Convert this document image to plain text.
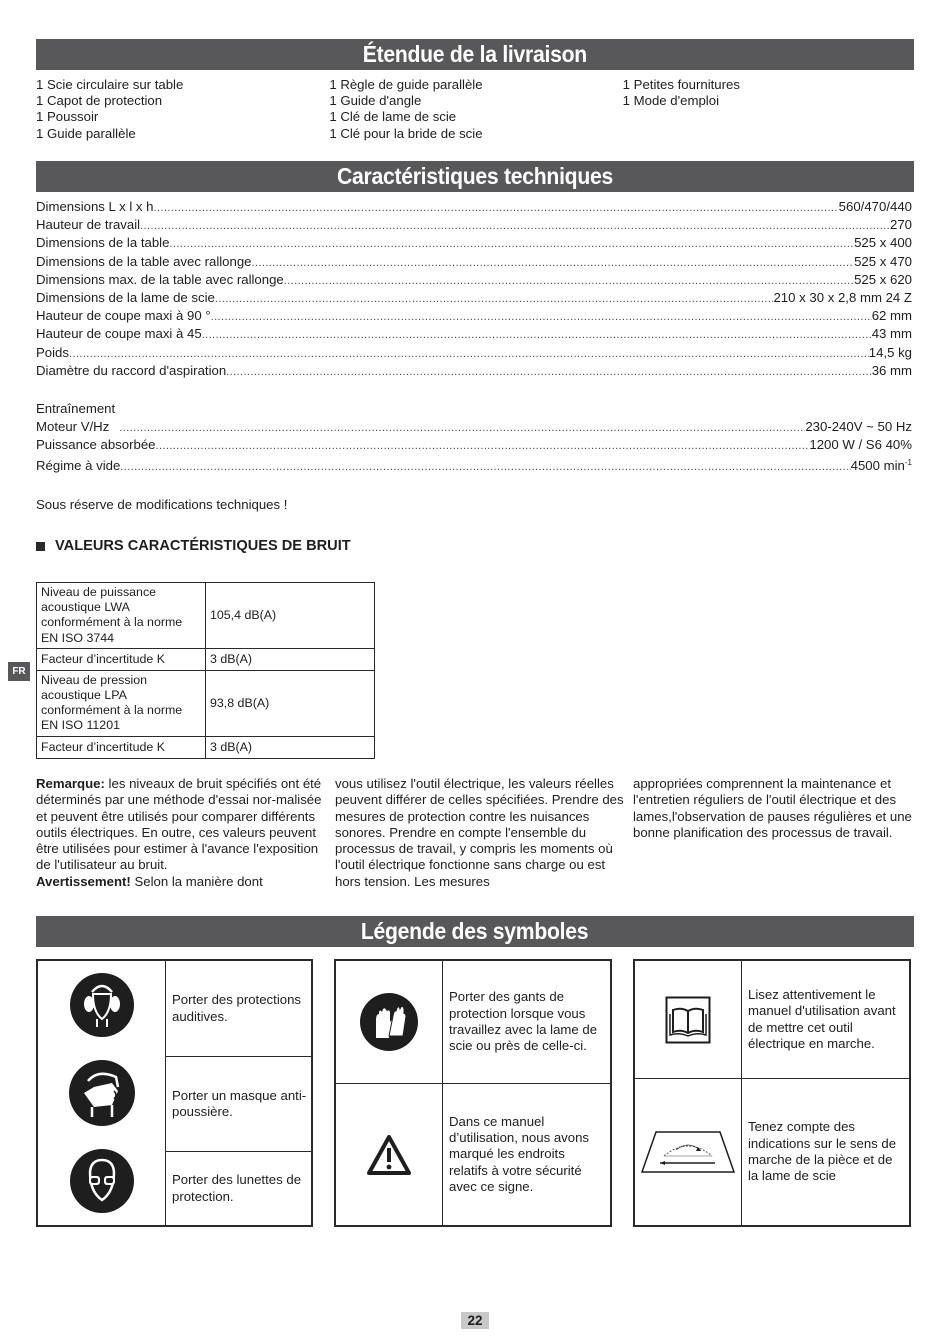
Étendue de la livraison
1 Scie circulaire sur table
1 Capot de protection
1 Poussoir
1 Guide parallèle
1 Règle de guide parallèle
1 Guide d'angle
1 Clé de lame de scie
1 Clé pour la bride de scie
1 Petites fournitures
1 Mode d'emploi
Caractéristiques techniques
Dimensions L x l x h .....	560/470/440
Hauteur de travail .....	270
Dimensions de la table .....	525 x 400
Dimensions de la table avec rallonge .....	525 x 470
Dimensions max. de la table avec rallonge .....	525 x 620
Dimensions de la lame de scie .....	210 x 30 x 2,8 mm 24 Z
Hauteur de coupe maxi à 90 ° .....	62 mm
Hauteur de coupe maxi à 45 .....	43 mm
Poids .....	14,5 kg
Diamètre du raccord d'aspiration .....	36 mm
Entraînement
Moteur V/Hz .....	230-240V ~ 50 Hz
Puissance absorbée .....	1200 W / S6 40%
Régime à vide .....	4500 $\min^{-1}$
Sous réserve de modifications techniques !
VALEURS CARACTÉRISTIQUES DE BRUIT
Niveau de puissance acoustique LWA conformément à la norme EN ISO 3744	105,4 dB(A)
Facteur d’incertitude K	3 dB(A)
Niveau de pression acoustique LPA conformément à la norme EN ISO 11201	93,8 dB(A)
Facteur d’incertitude K	3 dB(A)
FR
Remarque: les niveaux de bruit spécifiés ont été déterminés par une méthode d'essai nor-malisée et peuvent être utilisés pour comparer différents outils électriques. En outre, ces valeurs peuvent être utilisées pour estimer à l'avance l'exposition de l'utilisateur au bruit.
Avertissement! Selon la manière dont
vous utilisez l'outil électrique, les valeurs réelles peuvent différer de celles spécifiées. Prendre des mesures de protection contre les nuisances sonores. Prendre en compte l'ensemble du processus de travail, y compris les moments où l'outil électrique fonctionne sans charge ou est hors tension. Les mesures
appropriées comprennent la maintenance et l'entretien réguliers de l'outil électrique et des lames,l'observation de pauses régulières et une bonne planification des processus de travail.
Légende des symboles
Porter des protections auditives.
Porter un masque anti-poussière.
Porter des lunettes de protection.
Porter des gants de protection lorsque vous travaillez avec la lame de scie ou près de celle-ci.
Dans ce manuel d’utilisation, nous avons marqué les endroits relatifs à votre sécurité avec ce signe.
Lisez attentivement le manuel d'utilisation avant de mettre cet outil électrique en marche.
Tenez compte des indications sur le sens de marche de la pièce et de la lame de scie
22
